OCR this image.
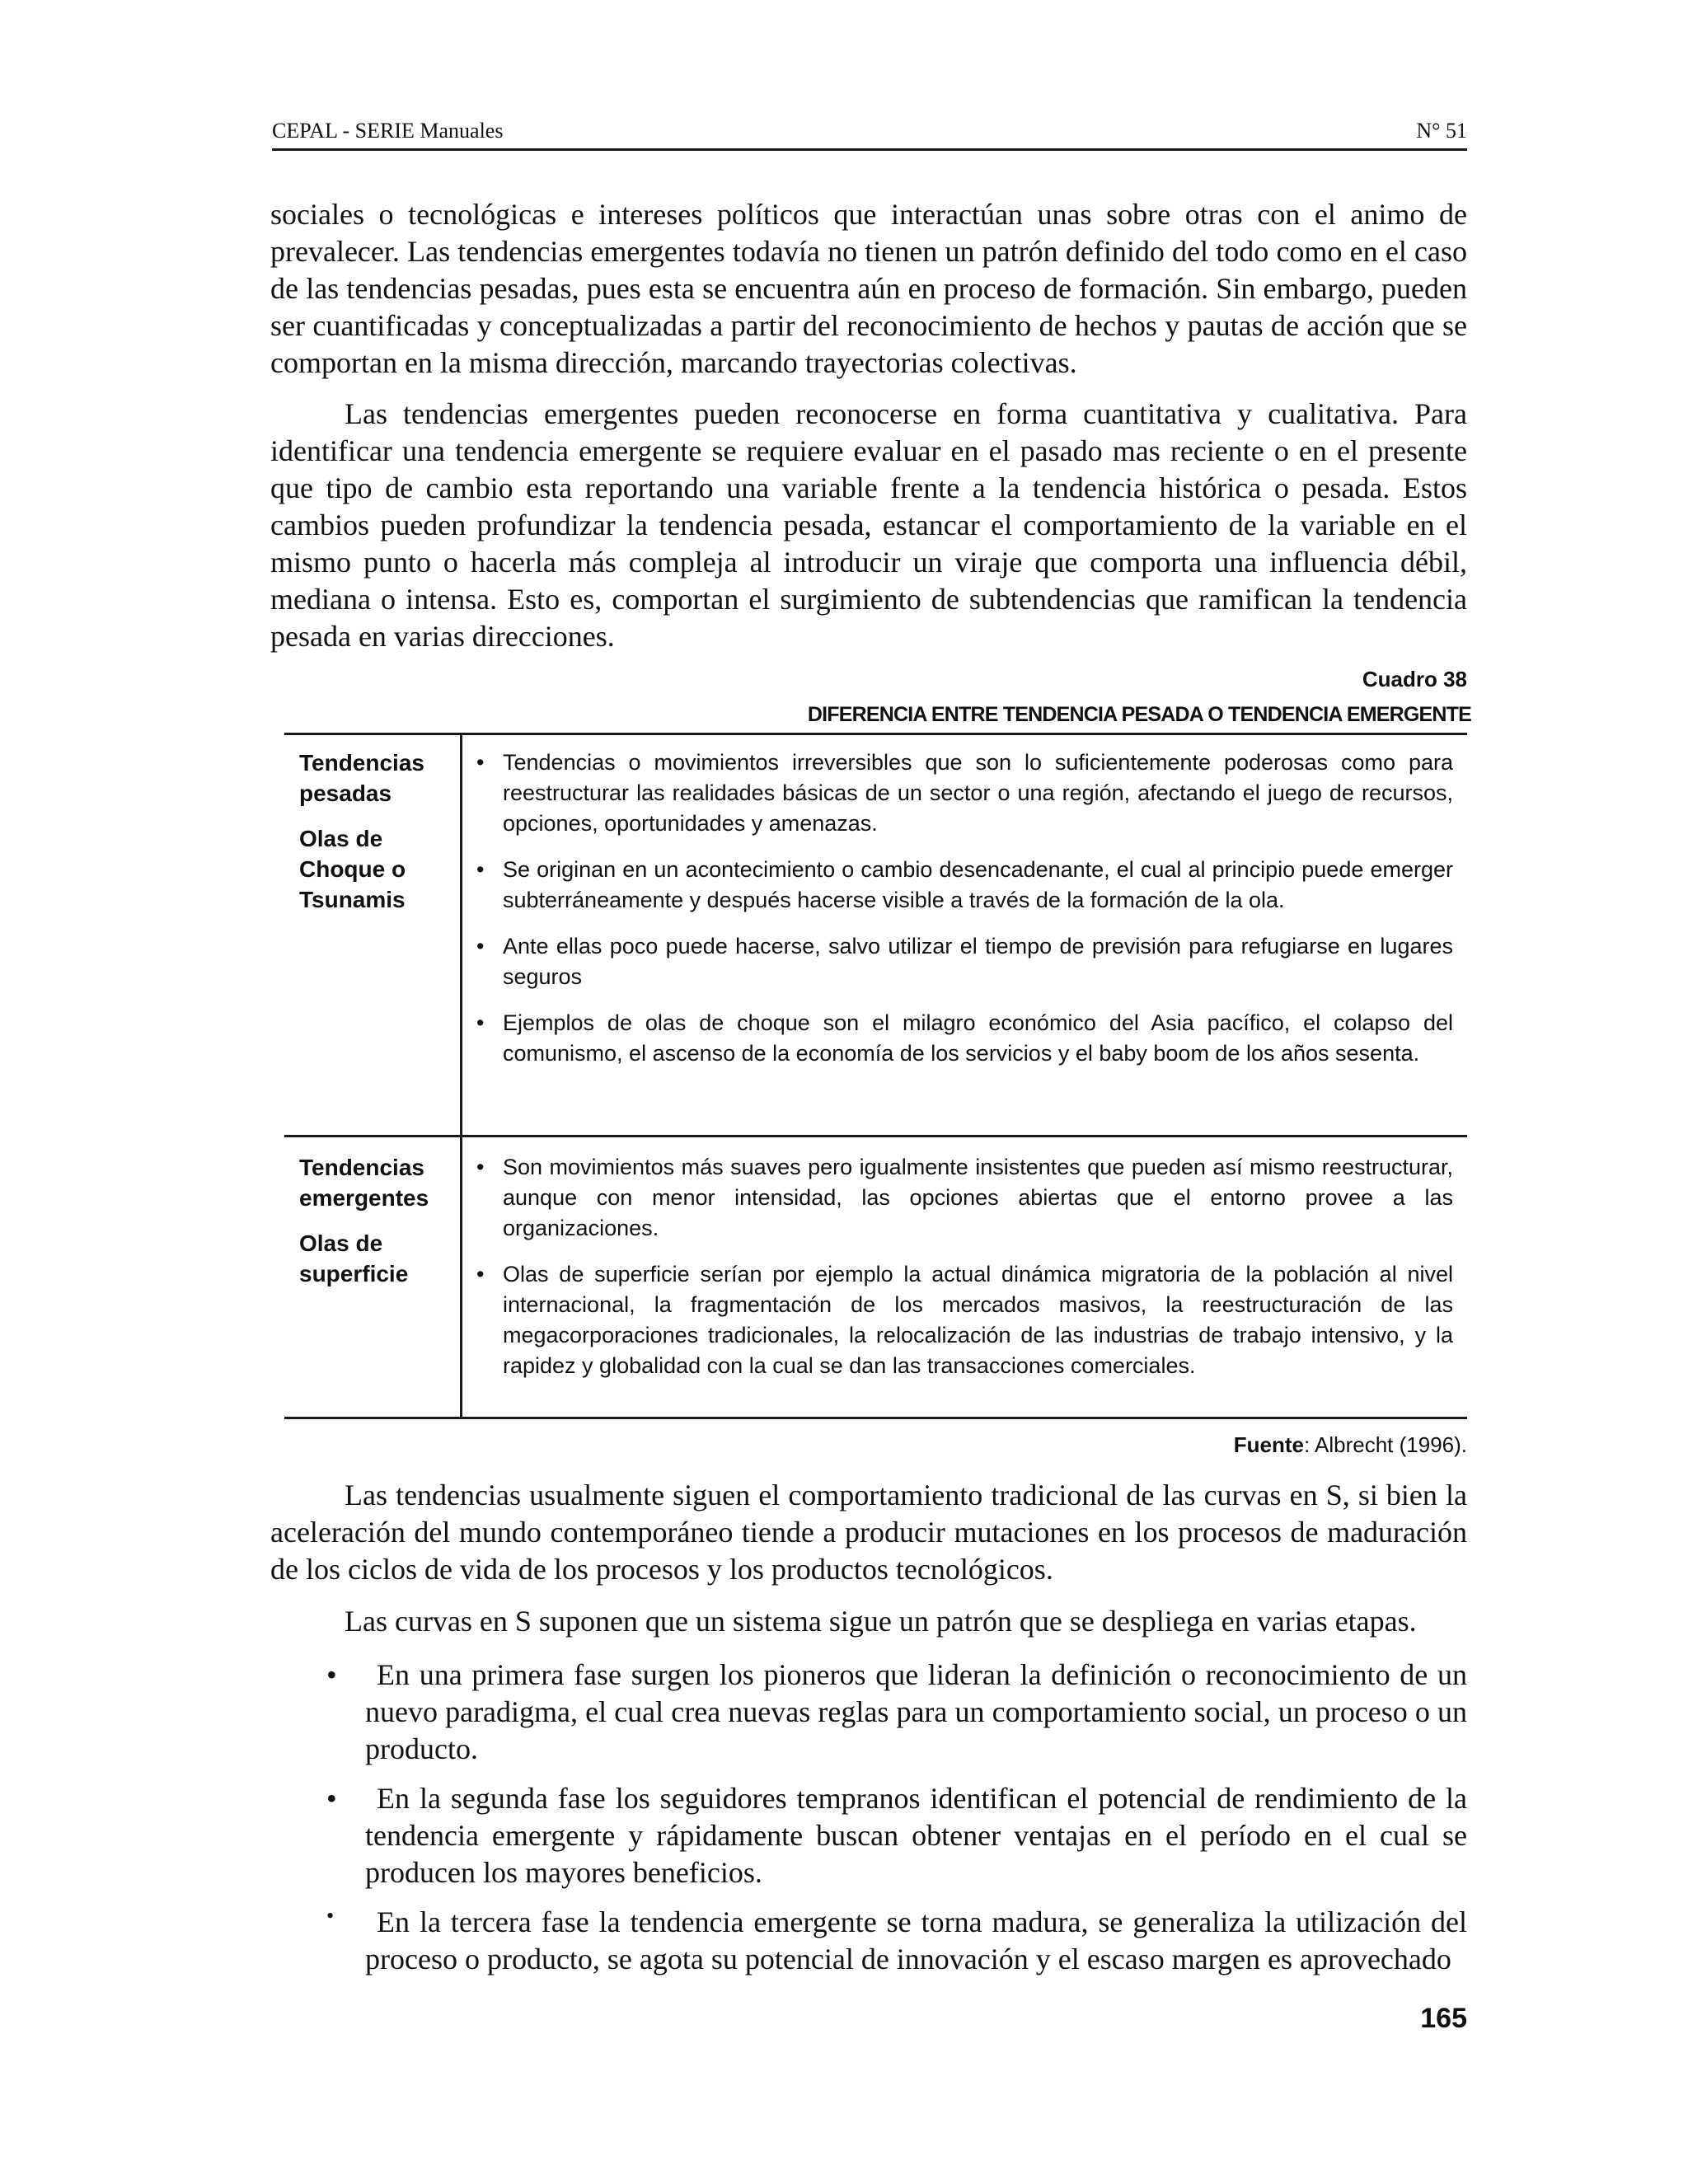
CEPAL - SERIE Manuales	N° 51

sociales o tecnológicas e intereses políticos que interactúan unas sobre otras con el animo de prevalecer. Las tendencias emergentes todavía no tienen un patrón definido del todo como en el caso de las tendencias pesadas, pues esta se encuentra aún en proceso de formación. Sin embargo, pueden ser cuantificadas y conceptualizadas a partir del reconocimiento de hechos y pautas de acción que se comportan en la misma dirección, marcando trayectorias colectivas.

Las tendencias emergentes pueden reconocerse en forma cuantitativa y cualitativa. Para identificar una tendencia emergente se requiere evaluar en el pasado mas reciente o en el presente que tipo de cambio esta reportando una variable frente a la tendencia histórica o pesada. Estos cambios pueden profundizar la tendencia pesada, estancar el comportamiento de la variable en el mismo punto o hacerla más compleja al introducir un viraje que comporta una influencia débil, mediana o intensa. Esto es, comportan el surgimiento de subtendencias que ramifican la tendencia pesada en varias direcciones.

Cuadro 38
DIFERENCIA ENTRE TENDENCIA PESADA O TENDENCIA EMERGENTE
Tendencias pesadas
Olas de Choque o Tsunamis
• Tendencias o movimientos irreversibles que son lo suficientemente poderosas como para reestructurar las realidades básicas de un sector o una región, afectando el juego de recursos, opciones, oportunidades y amenazas.
• Se originan en un acontecimiento o cambio desencadenante, el cual al principio puede emerger subterráneamente y después hacerse visible a través de la formación de la ola.
• Ante ellas poco puede hacerse, salvo utilizar el tiempo de previsión para refugiarse en lugares seguros
• Ejemplos de olas de choque son el milagro económico del Asia pacífico, el colapso del comunismo, el ascenso de la economía de los servicios y el baby boom de los años sesenta.
Tendencias emergentes
Olas de superficie
• Son movimientos más suaves pero igualmente insistentes que pueden así mismo reestructurar, aunque con menor intensidad, las opciones abiertas que el entorno provee a las organizaciones.
• Olas de superficie serían por ejemplo la actual dinámica migratoria de la población al nivel internacional, la fragmentación de los mercados masivos, la reestructuración de las megacorporaciones tradicionales, la relocalización de las industrias de trabajo intensivo, y la rapidez y globalidad con la cual se dan las transacciones comerciales.
Fuente: Albrecht (1996).

Las tendencias usualmente siguen el comportamiento tradicional de las curvas en S, si bien la aceleración del mundo contemporáneo tiende a producir mutaciones en los procesos de maduración de los ciclos de vida de los procesos y los productos tecnológicos.

Las curvas en S suponen que un sistema sigue un patrón que se despliega en varias etapas.

• En una primera fase surgen los pioneros que lideran la definición o reconocimiento de un nuevo paradigma, el cual crea nuevas reglas para un comportamiento social, un proceso o un producto.
• En la segunda fase los seguidores tempranos identifican el potencial de rendimiento de la tendencia emergente y rápidamente buscan obtener ventajas en el período en el cual se producen los mayores beneficios.
• En la tercera fase la tendencia emergente se torna madura, se generaliza la utilización del proceso o producto, se agota su potencial de innovación y el escaso margen es aprovechado
165
